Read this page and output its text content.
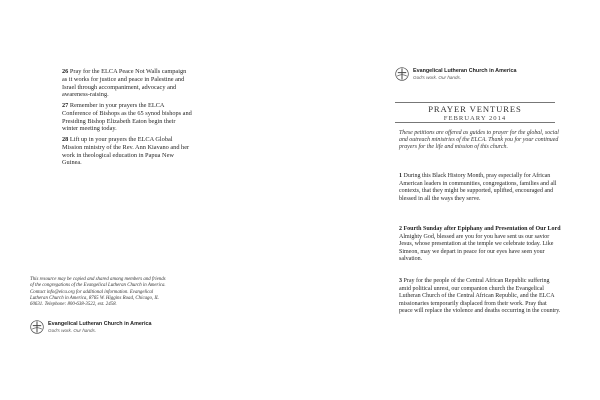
26 Pray for the ELCA Peace Not Walls campaign as it works for justice and peace in Palestine and Israel through accompaniment, advocacy and awareness-raising.
27 Remember in your prayers the ELCA Conference of Bishops as the 65 synod bishops and Presiding Bishop Elizabeth Eaton begin their winter meeting today.
28 Lift up in your prayers the ELCA Global Mission ministry of the Rev. Ann Kiavano and her work in theological education in Papua New Guinea.
This resource may be copied and shared among members and friends of the congregations of the Evangelical Lutheran Church in America. Contact info@elca.org for additional information. Evangelical Lutheran Church in America, 8765 W. Higgins Road, Chicago, IL 60631. Telephone: 800-638-3522, ext. 2458.
Evangelical Lutheran Church in America
God's work. Our hands.
Evangelical Lutheran Church in America
God's work. Our hands.
PRAYER VENTURES
FEBRUARY 2014
These petitions are offered as guides to prayer for the global, social and outreach ministries of the ELCA. Thank you for your continued prayers for the life and mission of this church.
1 During this Black History Month, pray especially for African American leaders in communities, congregations, families and all contexts, that they might be supported, uplifted, encouraged and blessed in all the ways they serve.
2 Fourth Sunday after Epiphany and Presentation of Our Lord
Almighty God, blessed are you for you have sent us our savior Jesus, whose presentation at the temple we celebrate today. Like Simeon, may we depart in peace for our eyes have seen your salvation.
3 Pray for the people of the Central African Republic suffering amid political unrest, our companion church the Evangelical Lutheran Church of the Central African Republic, and the ELCA missionaries temporarily displaced from their work. Pray that peace will replace the violence and deaths occurring in the country.
